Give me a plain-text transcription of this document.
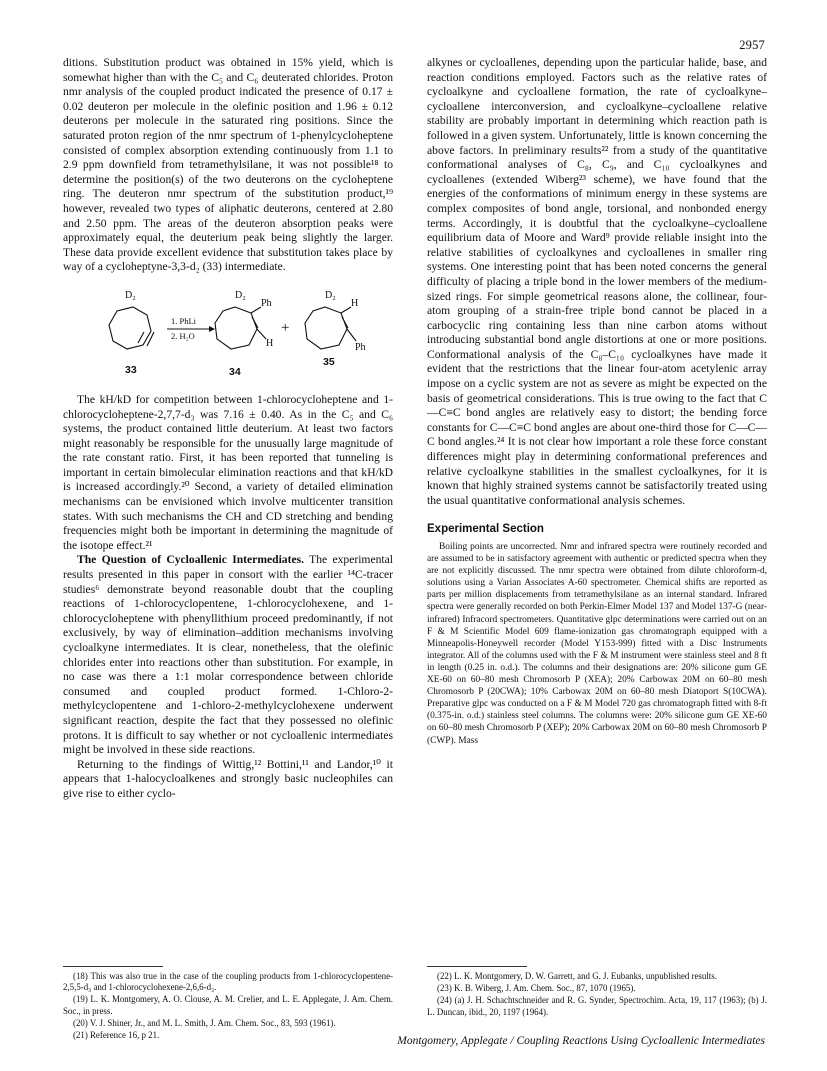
2957

ditions. Substitution product was obtained in 15% yield, which is somewhat higher than with the C₅ and C₆ deuterated chlorides. Proton nmr analysis of the coupled product indicated the presence of 0.17 ± 0.02 deuteron per molecule in the olefinic position and 1.96 ± 0.12 deuterons per molecule in the saturated ring positions. Since the saturated proton region of the nmr spectrum of 1-phenylcycloheptene consisted of complex absorption extending continuously from 1.1 to 2.9 ppm downfield from tetramethylsilane, it was not possible¹⁸ to determine the position(s) of the two deuterons on the cycloheptene ring. The deuteron nmr spectrum of the substitution product,¹⁹ however, revealed two types of aliphatic deuterons, centered at 2.80 and 2.50 ppm. The areas of the deuteron absorption peaks were approximately equal, the deuterium peak being slightly the larger. These data provide excellent evidence that substitution takes place by way of a cycloheptyne-3,3-d₂ (33) intermediate.

D₂
1. PhLi
2. H₂O
D₂
Ph
H
+
D₂
H
Ph
33	34
35

The kH/kD for competition between 1-chlorocycloheptene and 1-chlorocycloheptene-2,7,7-d₃ was 7.16 ± 0.40. As in the C₅ and C₆ systems, the product contained little deuterium. At least two factors might reasonably be responsible for the unusually large magnitude of the rate constant ratio. First, it has been reported that tunneling is important in certain bimolecular elimination reactions and that kH/kD is increased accordingly.²⁰ Second, a variety of detailed elimination mechanisms can be envisioned which involve multicenter transition states. With such mechanisms the CH and CD stretching and bending frequencies might both be important in determining the magnitude of the isotope effect.²¹

The Question of Cycloallenic Intermediates. The experimental results presented in this paper in consort with the earlier ¹⁴C-tracer studies⁶ demonstrate beyond reasonable doubt that the coupling reactions of 1-chlorocyclopentene, 1-chlorocyclohexene, and 1-chlorocycloheptene with phenyllithium proceed predominantly, if not exclusively, by way of elimination–addition mechanisms involving cycloalkyne intermediates. It is clear, nonetheless, that the olefinic chlorides enter into reactions other than substitution. For example, in no case was there a 1:1 molar correspondence between chloride consumed and coupled product formed. 1-Chloro-2-methylcyclopentene and 1-chloro-2-methylcyclohexene underwent significant reaction, despite the fact that they possessed no olefinic protons. It is difficult to say whether or not cycloallenic intermediates might be involved in these side reactions.

Returning to the findings of Wittig,¹² Bottini,¹¹ and Landor,¹⁰ it appears that 1-halocycloalkenes and strongly basic nucleophiles can give rise to either cyclo-

alkynes or cycloallenes, depending upon the particular halide, base, and reaction conditions employed. Factors such as the relative rates of cycloalkyne and cycloallene formation, the rate of cycloalkyne–cycloallene interconversion, and cycloalkyne–cycloallene relative stability are probably important in determining which reaction path is followed in a given system. Unfortunately, little is known concerning the above factors. In preliminary results²² from a study of the quantitative conformational analyses of C₈, C₉, and C₁₀ cycloalkynes and cycloallenes (extended Wiberg²³ scheme), we have found that the energies of the conformations of minimum energy in these systems are complex composites of bond angle, torsional, and nonbonded energy terms. Accordingly, it is doubtful that the cycloalkyne–cycloallene equilibrium data of Moore and Ward⁹ provide reliable insight into the relative stabilities of cycloalkynes and cycloallenes in smaller ring systems. One interesting point that has been noted concerns the general difficulty of placing a triple bond in the lower members of the medium-sized rings. For simple geometrical reasons alone, the collinear, four-atom grouping of a strain-free triple bond cannot be placed in a carbocyclic ring containing less than nine carbon atoms without introducing substantial bond angle distortions at one or more positions. Conformational analysis of the C₈–C₁₀ cycloalkynes have made it evident that the restrictions that the linear four-atom acetylenic array impose on a cyclic system are not as severe as might be expected on the basis of geometrical considerations. This is true owing to the fact that C—C≡C bond angles are relatively easy to distort; the bending force constants for C—C≡C bond angles are about one-third those for C—C—C bond angles.²⁴ It is not clear how important a role these force constant differences might play in determining conformational preferences and relative cycloalkyne stabilities in the smallest cycloalkynes, for it is known that highly strained systems cannot be satisfactorily treated using the usual quantitative conformational analysis schemes.

Experimental Section

Boiling points are uncorrected. Nmr and infrared spectra were routinely recorded and are assumed to be in satisfactory agreement with authentic or predicted spectra when they are not explicitly discussed. The nmr spectra were obtained from dilute chloroform-d, solutions using a Varian Associates A-60 spectrometer. Chemical shifts are reported as parts per million displacements from tetramethylsilane as an internal standard. Infrared spectra were generally recorded on both Perkin-Elmer Model 137 and Model 137-G (near-infrared) Infracord spectrometers. Quantitative glpc determinations were carried out on an F & M Scientific Model 609 flame-ionization gas chromatograph equipped with a Minneapolis-Honeywell recorder (Model Y153-999) fitted with a Disc Instruments integrator. All of the columns used with the F & M instrument were stainless steel and 8 ft in length (0.25 in. o.d.). The columns and their designations are: 20% silicone gum GE XE-60 on 60–80 mesh Chromosorb P (XEA); 20% Carbowax 20M on 60–80 mesh Chromosorb P (20CWA); 10% Carbowax 20M on 60–80 mesh Diatoport S(10CWA). Preparative glpc was conducted on a F & M Model 720 gas chromatograph fitted with 8-ft (0.375-in. o.d.) stainless steel columns. The columns were: 20% silicone gum GE XE-60 on 60–80 mesh Chromosorb P (XEP); 20% Carbowax 20M on 60–80 mesh Chromosorb P (CWP). Mass

(18) This was also true in the case of the coupling products from 1-chlorocyclopentene-2,5,5-d₃ and 1-chlorocyclohexene-2,6,6-d₃.

(19) L. K. Montgomery, A. O. Clouse, A. M. Crelier, and L. E. Applegate, J. Am. Chem. Soc., in press.

(20) V. J. Shiner, Jr., and M. L. Smith, J. Am. Chem. Soc., 83, 593 (1961).

(21) Reference 16, p 21.

(22) L. K. Montgomery, D. W. Garrett, and G. J. Eubanks, unpublished results.

(23) K. B. Wiberg, J. Am. Chem. Soc., 87, 1070 (1965).

(24) (a) J. H. Schachtschneider and R. G. Synder, Spectrochim. Acta, 19, 117 (1963); (b) J. L. Duncan, ibid., 20, 1197 (1964).

Montgomery, Applegate / Coupling Reactions Using Cycloallenic Intermediates
